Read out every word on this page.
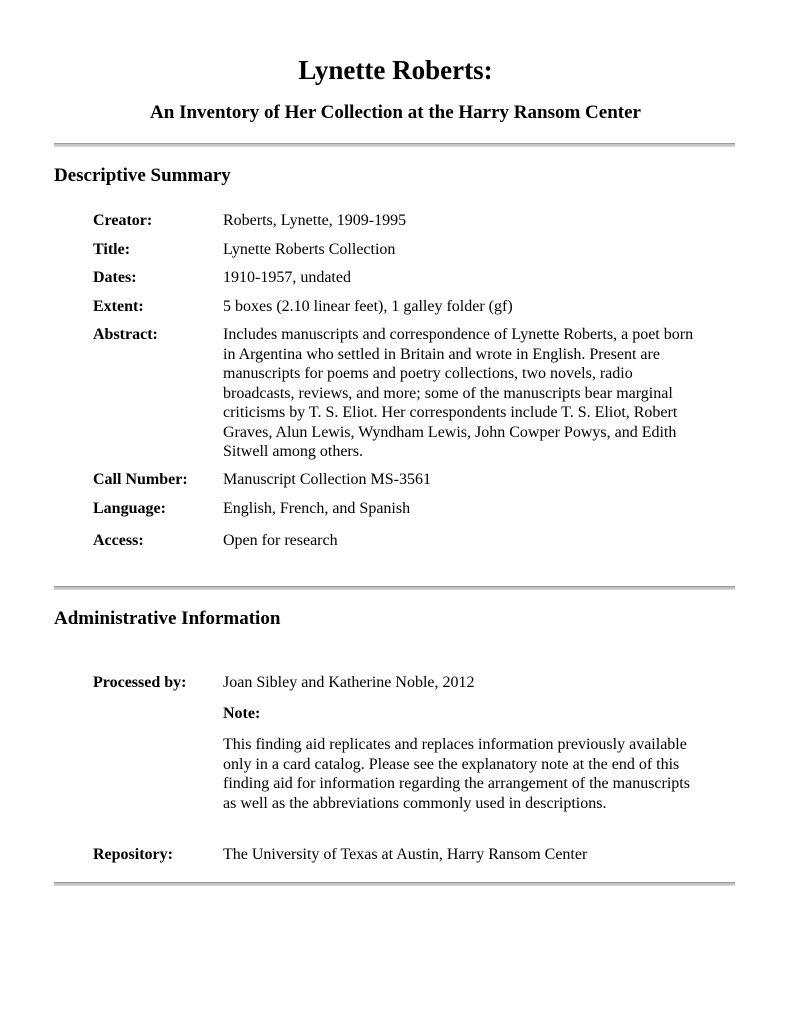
Lynette Roberts:
An Inventory of Her Collection at the Harry Ransom Center
Descriptive Summary
Creator:	Roberts, Lynette, 1909-1995
Title:	Lynette Roberts Collection
Dates:	1910-1957, undated
Extent:	5 boxes (2.10 linear feet), 1 galley folder (gf)
Abstract:	Includes manuscripts and correspondence of Lynette Roberts, a poet born in Argentina who settled in Britain and wrote in English. Present are manuscripts for poems and poetry collections, two novels, radio broadcasts, reviews, and more; some of the manuscripts bear marginal criticisms by T. S. Eliot. Her correspondents include T. S. Eliot, Robert Graves, Alun Lewis, Wyndham Lewis, John Cowper Powys, and Edith Sitwell among others.
Call Number: Manuscript Collection MS-3561
Language:	English, French, and Spanish
Access:	Open for research
Administrative Information
Processed by: Joan Sibley and Katherine Noble, 2012
Note:
This finding aid replicates and replaces information previously available only in a card catalog. Please see the explanatory note at the end of this finding aid for information regarding the arrangement of the manuscripts as well as the abbreviations commonly used in descriptions.
Repository:	The University of Texas at Austin, Harry Ransom Center
